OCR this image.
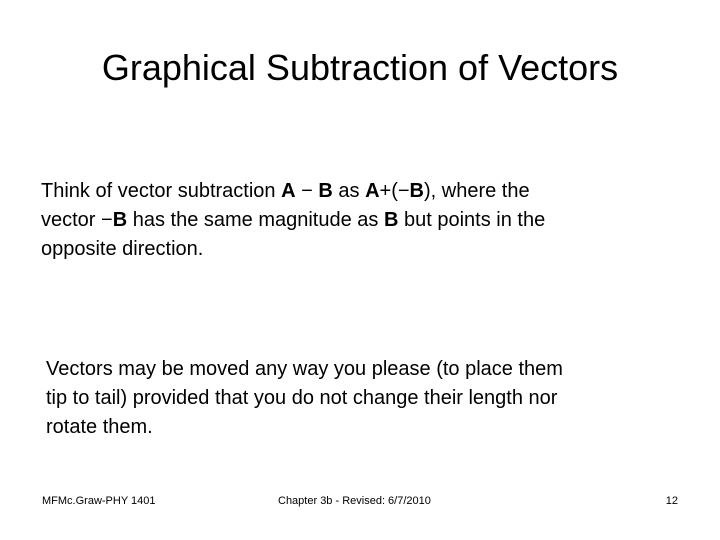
Graphical Subtraction of Vectors
Think of vector subtraction A − B as A+(−B), where the
vector −B has the same magnitude as B but points in the
opposite direction.
Vectors may be moved any way you please (to place them
tip to tail) provided that you do not change their length nor
rotate them.
MFMc.Graw-PHY 1401	Chapter 3b - Revised: 6/7/2010	12
